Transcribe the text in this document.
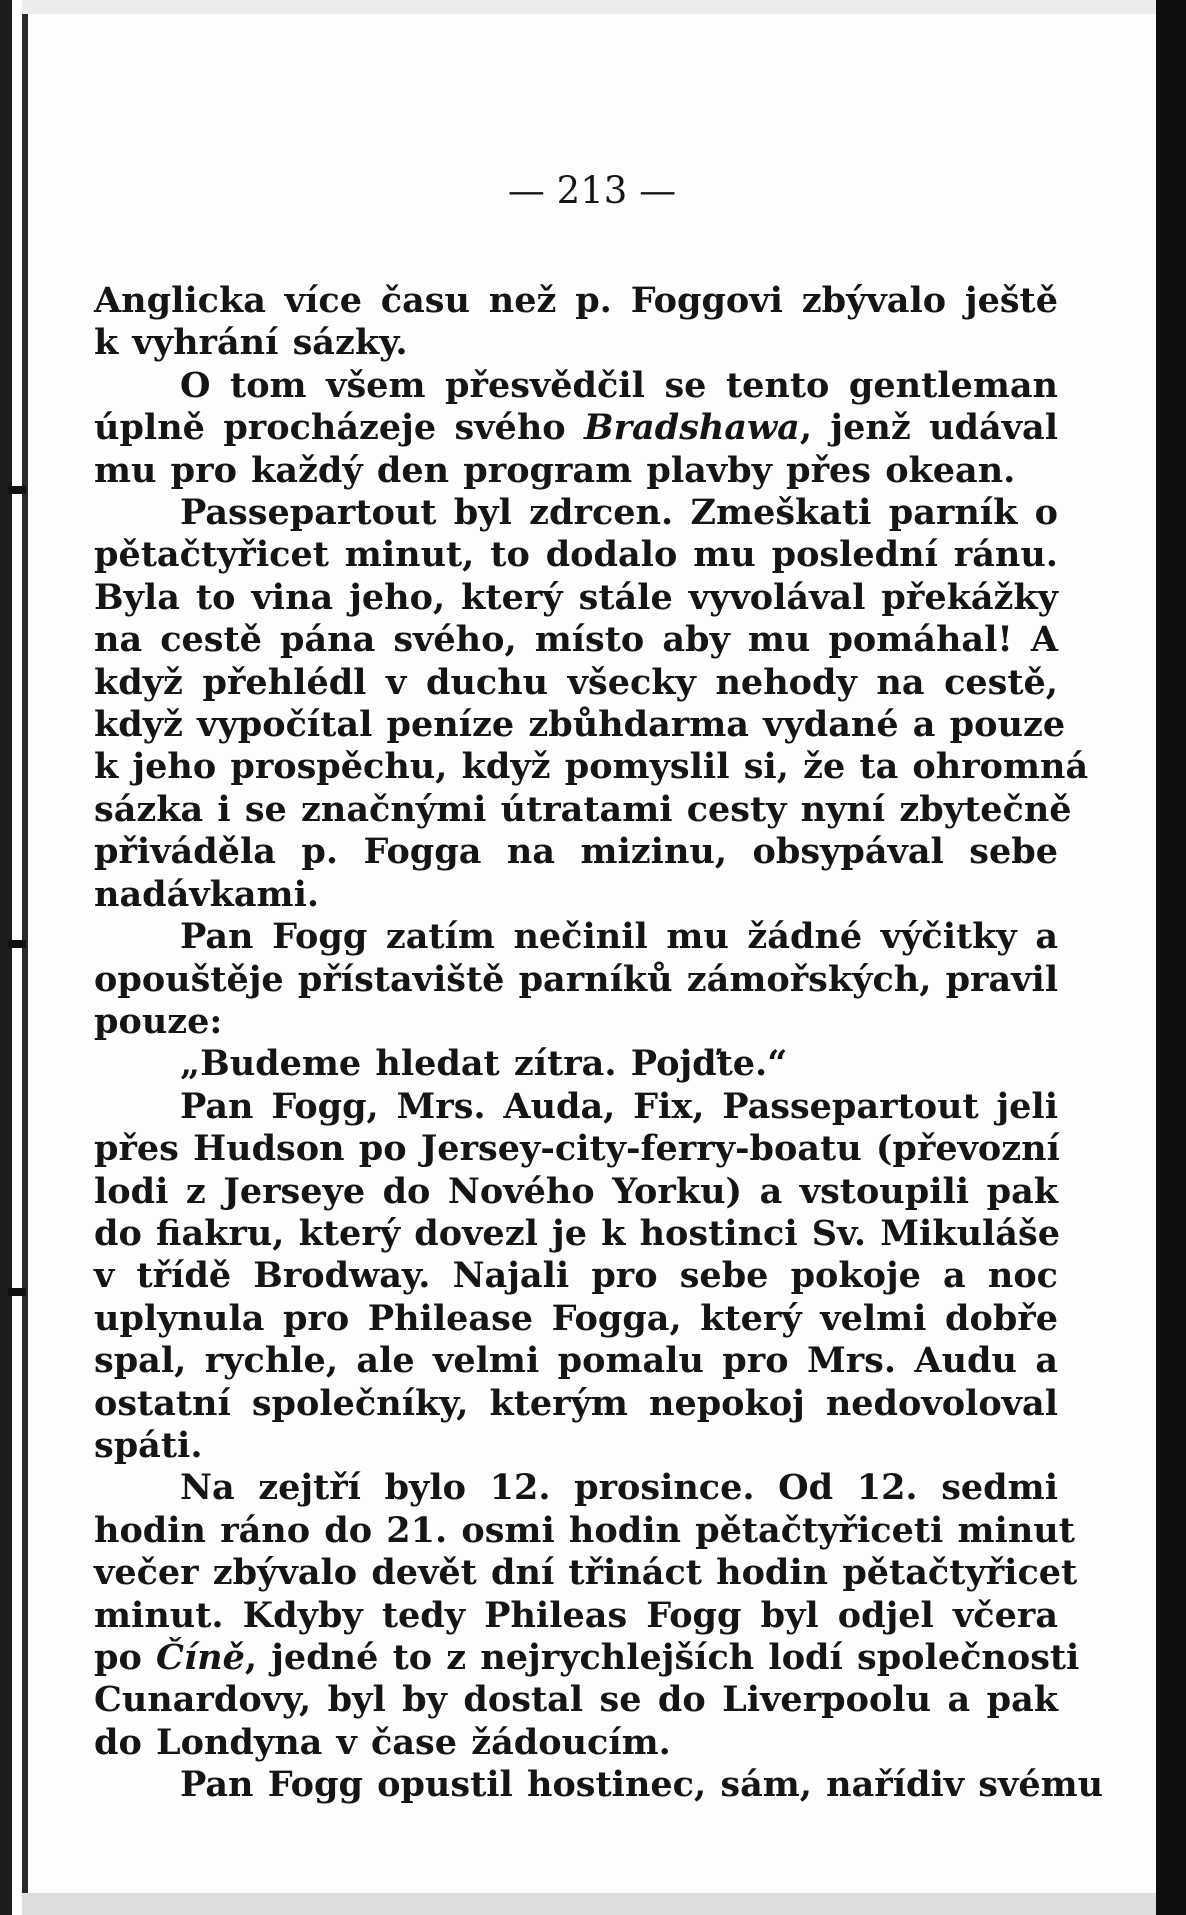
— 213 —
Anglicka více času než p. Foggovi zbývalo ještě
k vyhrání sázky.
O tom všem přesvědčil se tento gentleman
úplně procházeje svého Bradshawa, jenž udával
mu pro každý den program plavby přes okean.
Passepartout byl zdrcen. Zmeškati parník o
pětačtyřicet minut, to dodalo mu poslední ránu.
Byla to vina jeho, který stále vyvolával překážky
na cestě pána svého, místo aby mu pomáhal! A
když přehlédl v duchu všecky nehody na cestě,
když vypočítal peníze zbůhdarma vydané a pouze
k jeho prospěchu, když pomyslil si, že ta ohromná
sázka i se značnými útratami cesty nyní zbytečně
přiváděla p. Fogga na mizinu, obsypával sebe
nadávkami.
Pan Fogg zatím nečinil mu žádné výčitky a
opouštěje přístaviště parníků zámořských, pravil
pouze:
„Budeme hledat zítra. Pojďte.“
Pan Fogg, Mrs. Auda, Fix, Passepartout jeli
přes Hudson po Jersey-city-ferry-boatu (převozní
lodi z Jerseye do Nového Yorku) a vstoupili pak
do fiakru, který dovezl je k hostinci Sv. Mikuláše
v třídě Brodway. Najali pro sebe pokoje a noc
uplynula pro Philease Fogga, který velmi dobře
spal, rychle, ale velmi pomalu pro Mrs. Audu a
ostatní společníky, kterým nepokoj nedovoloval
spáti.
Na zejtří bylo 12. prosince. Od 12. sedmi
hodin ráno do 21. osmi hodin pětačtyřiceti minut
večer zbývalo devět dní třináct hodin pětačtyřicet
minut. Kdyby tedy Phileas Fogg byl odjel včera
po Číně, jedné to z nejrychlejších lodí společnosti
Cunardovy, byl by dostal se do Liverpoolu a pak
do Londyna v čase žádoucím.
Pan Fogg opustil hostinec, sám, nařídiv svému
